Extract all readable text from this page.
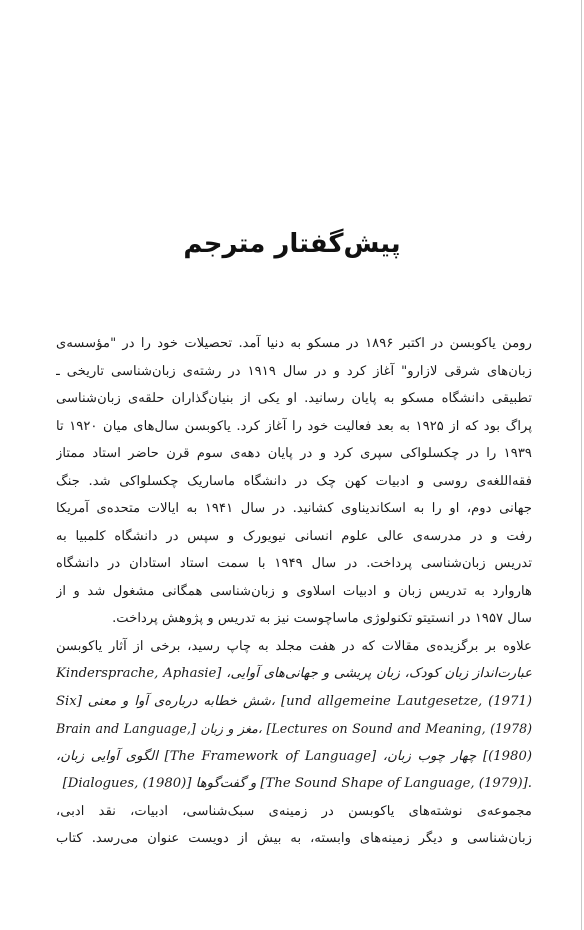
پیش‌گفتار مترجم
رومن یاکوبسن در اکتبر ۱۸۹۶ در مسکو به دنیا آمد. تحصیلات خود را در "مؤسسه‌ی
زبان‌های شرقی لازارو" آغاز کرد و در سال ۱۹۱۹ در رشته‌ی زبان‌شناسی تاریخی ـ
تطبیقی دانشگاه مسکو به پایان رسانید. او یکی از بنیان‌گذاران حلقه‌ی زبان‌شناسی
پراگ بود که از ۱۹۲۵ به بعد فعالیت خود را آغاز کرد. یاکوبسن سال‌های میان ۱۹۲۰ تا
۱۹۳۹ را در چکسلواکی سپری کرد و در پایان دهه‌ی سوم قرن حاضر استاد ممتاز
فقه‌اللغه‌ی روسی و ادبیات کهن چک در دانشگاه ماساریک چکسلواکی شد. جنگ
جهانی دوم، او را به اسکاندیناوی کشانید. در سال ۱۹۴۱ به ایالات متحده‌ی آمریکا
رفت و در مدرسه‌ی عالی علوم انسانی نیویورک و سپس در دانشگاه کلمبیا به
تدریس زبان‌شناسی پرداخت. در سال ۱۹۴۹ با سمت استاد استادان در دانشگاه
هاروارد به تدریس زبان و ادبیات اسلاوی و زبان‌شناسی همگانی مشغول شد و از
سال ۱۹۵۷ در انستیتو تکنولوژی ماساچوست نیز به تدریس و پژوهش پرداخت.
علاوه بر برگزیده‌ی مقالات که در هفت مجلد به چاپ رسید، برخی از آثار یاکوبسن
عبارت‌انداز زبان کودک، زبان پریشی و جهانی‌های آوایی، [Kindersprache, Aphasie
Six] شش خطابه درباره‌ی آوا و معنی، [und allgemeine Lautgesetze, (1971)
Brain and Language,] مغز و زبان، [Lectures on Sound and Meaning, (1978)
(1980)] چهار چوب زبان، [The Framework of Language] الگوی آوایی زبان،
[Dialogues, (1980)] و گفت‌گوها [The Sound Shape of Language, (1979)].
مجموعه‌ی نوشته‌های یاکوبسن در زمینه‌ی سبک‌شناسی، ادبیات، نقد ادبی،
زبان‌شناسی و دیگر زمینه‌های وابسته، به بیش از دویست عنوان می‌رسد. کتاب
